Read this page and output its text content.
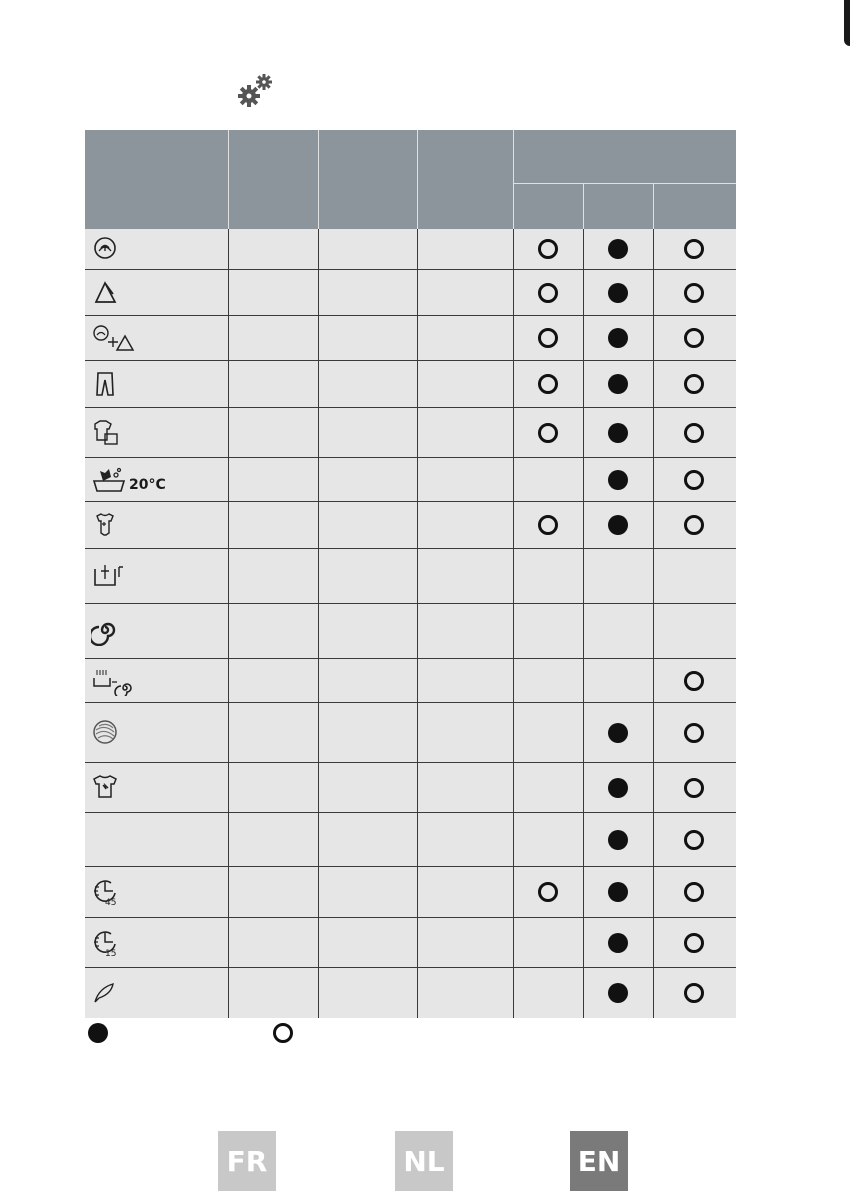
20°C
45
15
FR	NL	EN
